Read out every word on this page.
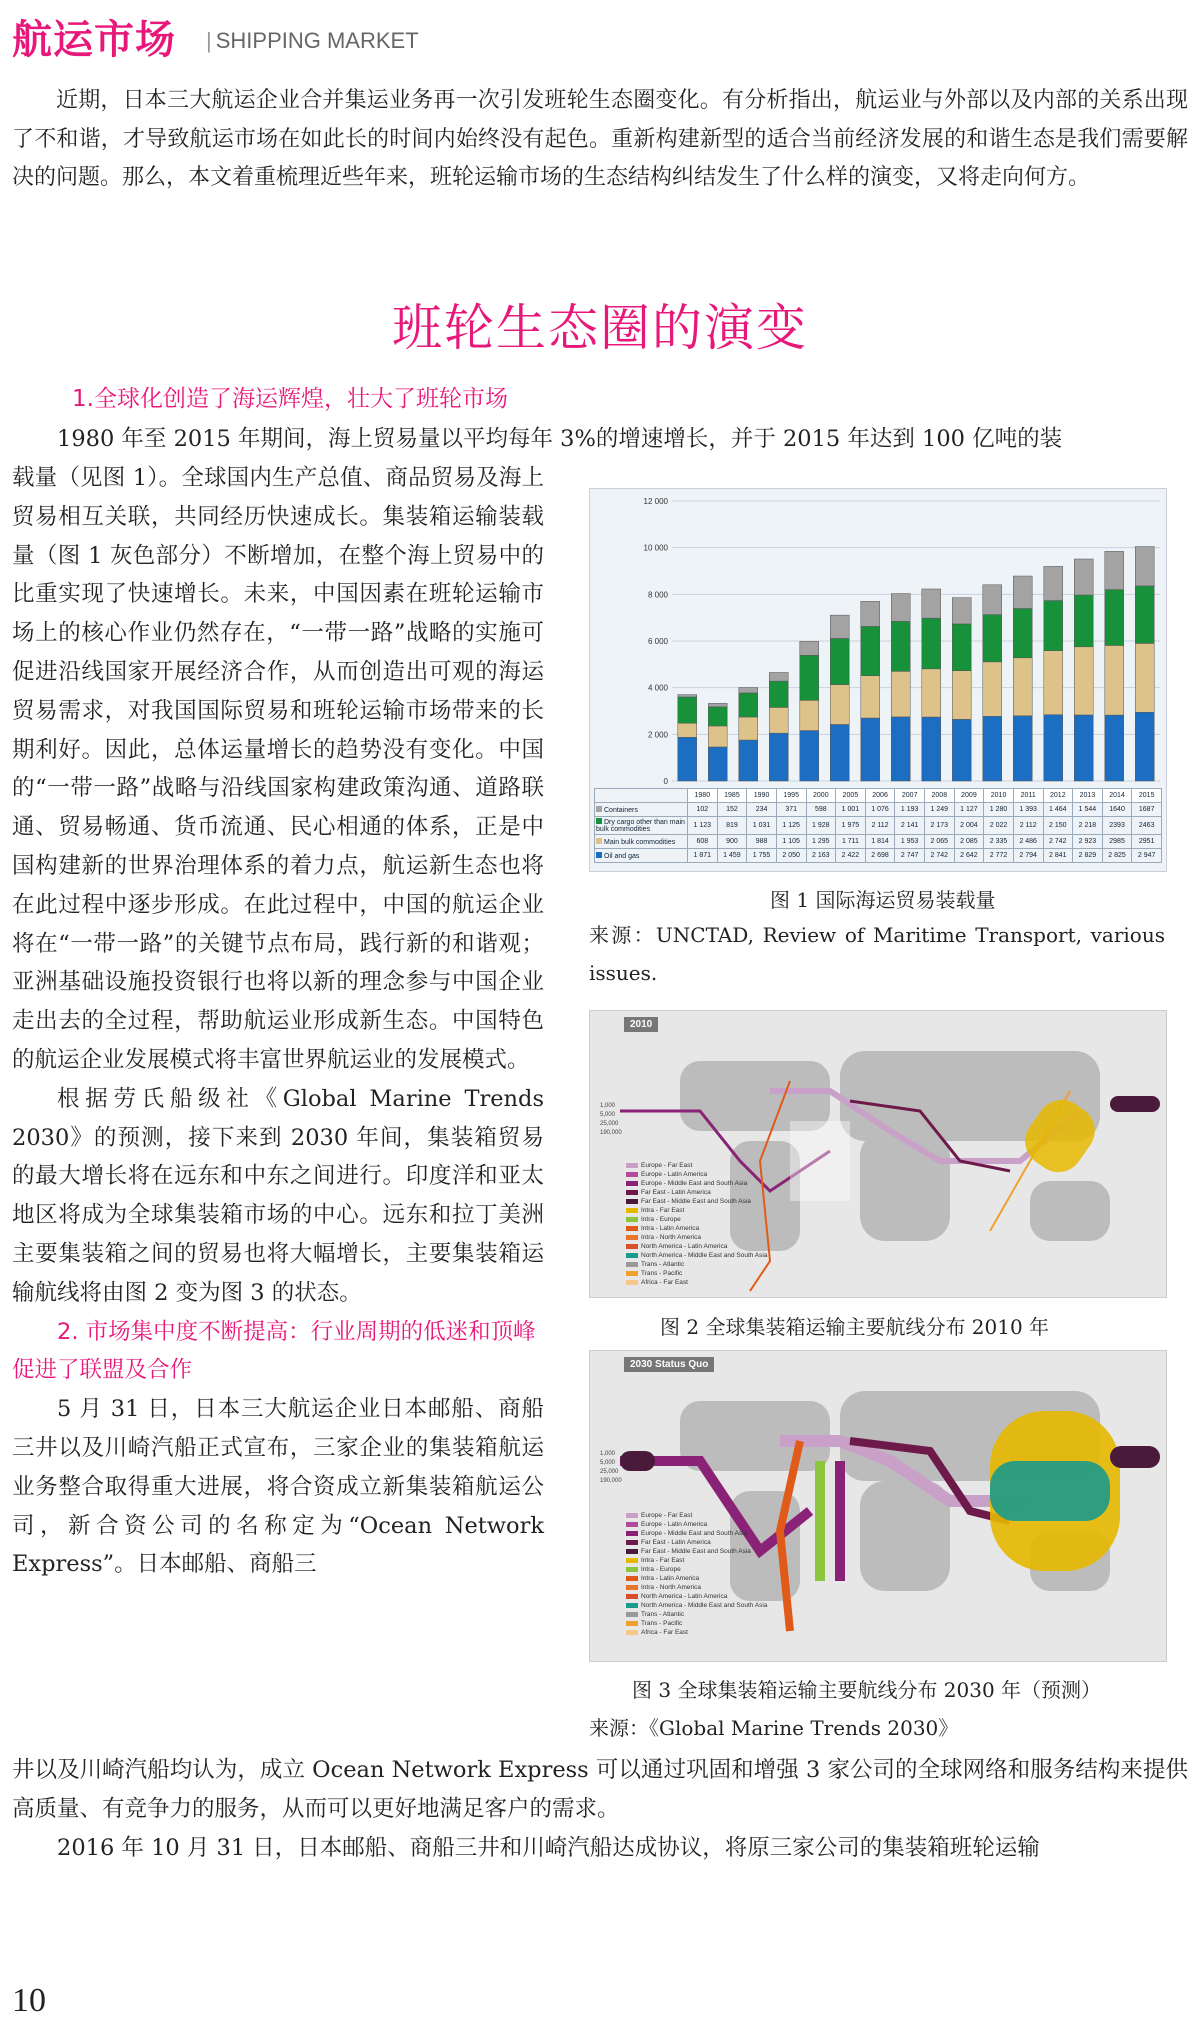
航运市场 | SHIPPING MARKET
近期，日本三大航运企业合并集运业务再一次引发班轮生态圈变化。有分析指出，航运业与外部以及内部的关系出现了不和谐，才导致航运市场在如此长的时间内始终没有起色。重新构建新型的适合当前经济发展的和谐生态是我们需要解决的问题。那么，本文着重梳理近些年来，班轮运输市场的生态结构纠结发生了什么样的演变，又将走向何方。
班轮生态圈的演变
1.全球化创造了海运辉煌，壮大了班轮市场
1980 年至 2015 年期间，海上贸易量以平均每年 3%的增速增长，并于 2015 年达到 100 亿吨的装
载量（见图 1）。全球国内生产总值、商品贸易及海上贸易相互关联，共同经历快速成长。集装箱运输装载量（图 1 灰色部分）不断增加，在整个海上贸易中的比重实现了快速增长。未来，中国因素在班轮运输市场上的核心作业仍然存在，“一带一路”战略的实施可促进沿线国家开展经济合作，从而创造出可观的海运贸易需求，对我国国际贸易和班轮运输市场带来的长期利好。因此，总体运量增长的趋势没有变化。中国的“一带一路”战略与沿线国家构建政策沟通、道路联通、贸易畅通、货币流通、民心相通的体系，正是中国构建新的世界治理体系的着力点，航运新生态也将在此过程中逐步形成。在此过程中，中国的航运企业将在“一带一路”的关键节点布局，践行新的和谐观；亚洲基础设施投资银行也将以新的理念参与中国企业走出去的全过程，帮助航运业形成新生态。中国特色的航运企业发展模式将丰富世界航运业的发展模式。
根据劳氏船级社《Global Marine Trends 2030》的预测，接下来到 2030 年间，集装箱贸易的最大增长将在远东和中东之间进行。印度洋和亚太地区将成为全球集装箱市场的中心。远东和拉丁美洲主要集装箱之间的贸易也将大幅增长，主要集装箱运输航线将由图 2 变为图 3 的状态。
2. 市场集中度不断提高：行业周期的低迷和顶峰促进了联盟及合作
5 月 31 日，日本三大航运企业日本邮船、商船三井以及川崎汽船正式宣布，三家企业的集装箱航运业务整合取得重大进展，将合资成立新集装箱航运公司，新合资公司的名称定为“Ocean Network Express”。日本邮船、商船三
井以及川崎汽船均认为，成立 Ocean Network Express 可以通过巩固和增强 3 家公司的全球网络和服务结构来提供高质量、有竞争力的服务，从而可以更好地满足客户的需求。
2016 年 10 月 31 日，日本邮船、商船三井和川崎汽船达成协议，将原三家公司的集装箱班轮运输
0
2 000
4 000
6 000
8 000
10 000
12 000
	1980	1985	1990	1995	2000	2005	2006	2007	2008	2009	2010	2011	2012	2013	2014	2015
Containers	102	152	234	371	598	1 001	1 076	1 193	1 249	1 127	1 280	1 393	1 464	1 544	1640	1687
Dry cargo other than main bulk commodities	1 123	819	1 031	1 125	1 928	1 975	2 112	2 141	2 173	2 004	2 022	2 112	2 150	2 218	2393	2463
Main bulk commodities	608	900	988	1 105	1 295	1 711	1 814	1 953	2 065	2 085	2 335	2 486	2 742	2 923	2985	2951
Oil and gas	1 871	1 459	1 755	2 050	2 163	2 422	2 698	2 747	2 742	2 642	2 772	2 794	2 841	2 829	2 825	2 947
图 1 国际海运贸易装载量
来源：UNCTAD, Review of Maritime Transport, various issues.
2010
1,000
5,000
25,000
190,000
Europe - Far East
Europe - Latin America
Europe - Middle East and South Asia
Far East - Latin America
Far East - Middle East and South Asia
Intra - Far East
Intra - Europe
Intra - Latin America
Intra - North America
North America - Latin America
North America - Middle East and South Asia
Trans - Atlantic
Trans - Pacific
Africa - Far East
图 2 全球集装箱运输主要航线分布 2010 年
2030 Status Quo
1,000
5,000
25,000
190,000
Europe - Far East
Europe - Latin America
Europe - Middle East and South Asia
Far East - Latin America
Far East - Middle East and South Asia
Intra - Far East
Intra - Europe
Intra - Latin America
Intra - North America
North America - Latin America
North America - Middle East and South Asia
Trans - Atlantic
Trans - Pacific
Africa - Far East
图 3 全球集装箱运输主要航线分布 2030 年（预测）
来源：《Global Marine Trends 2030》
10
